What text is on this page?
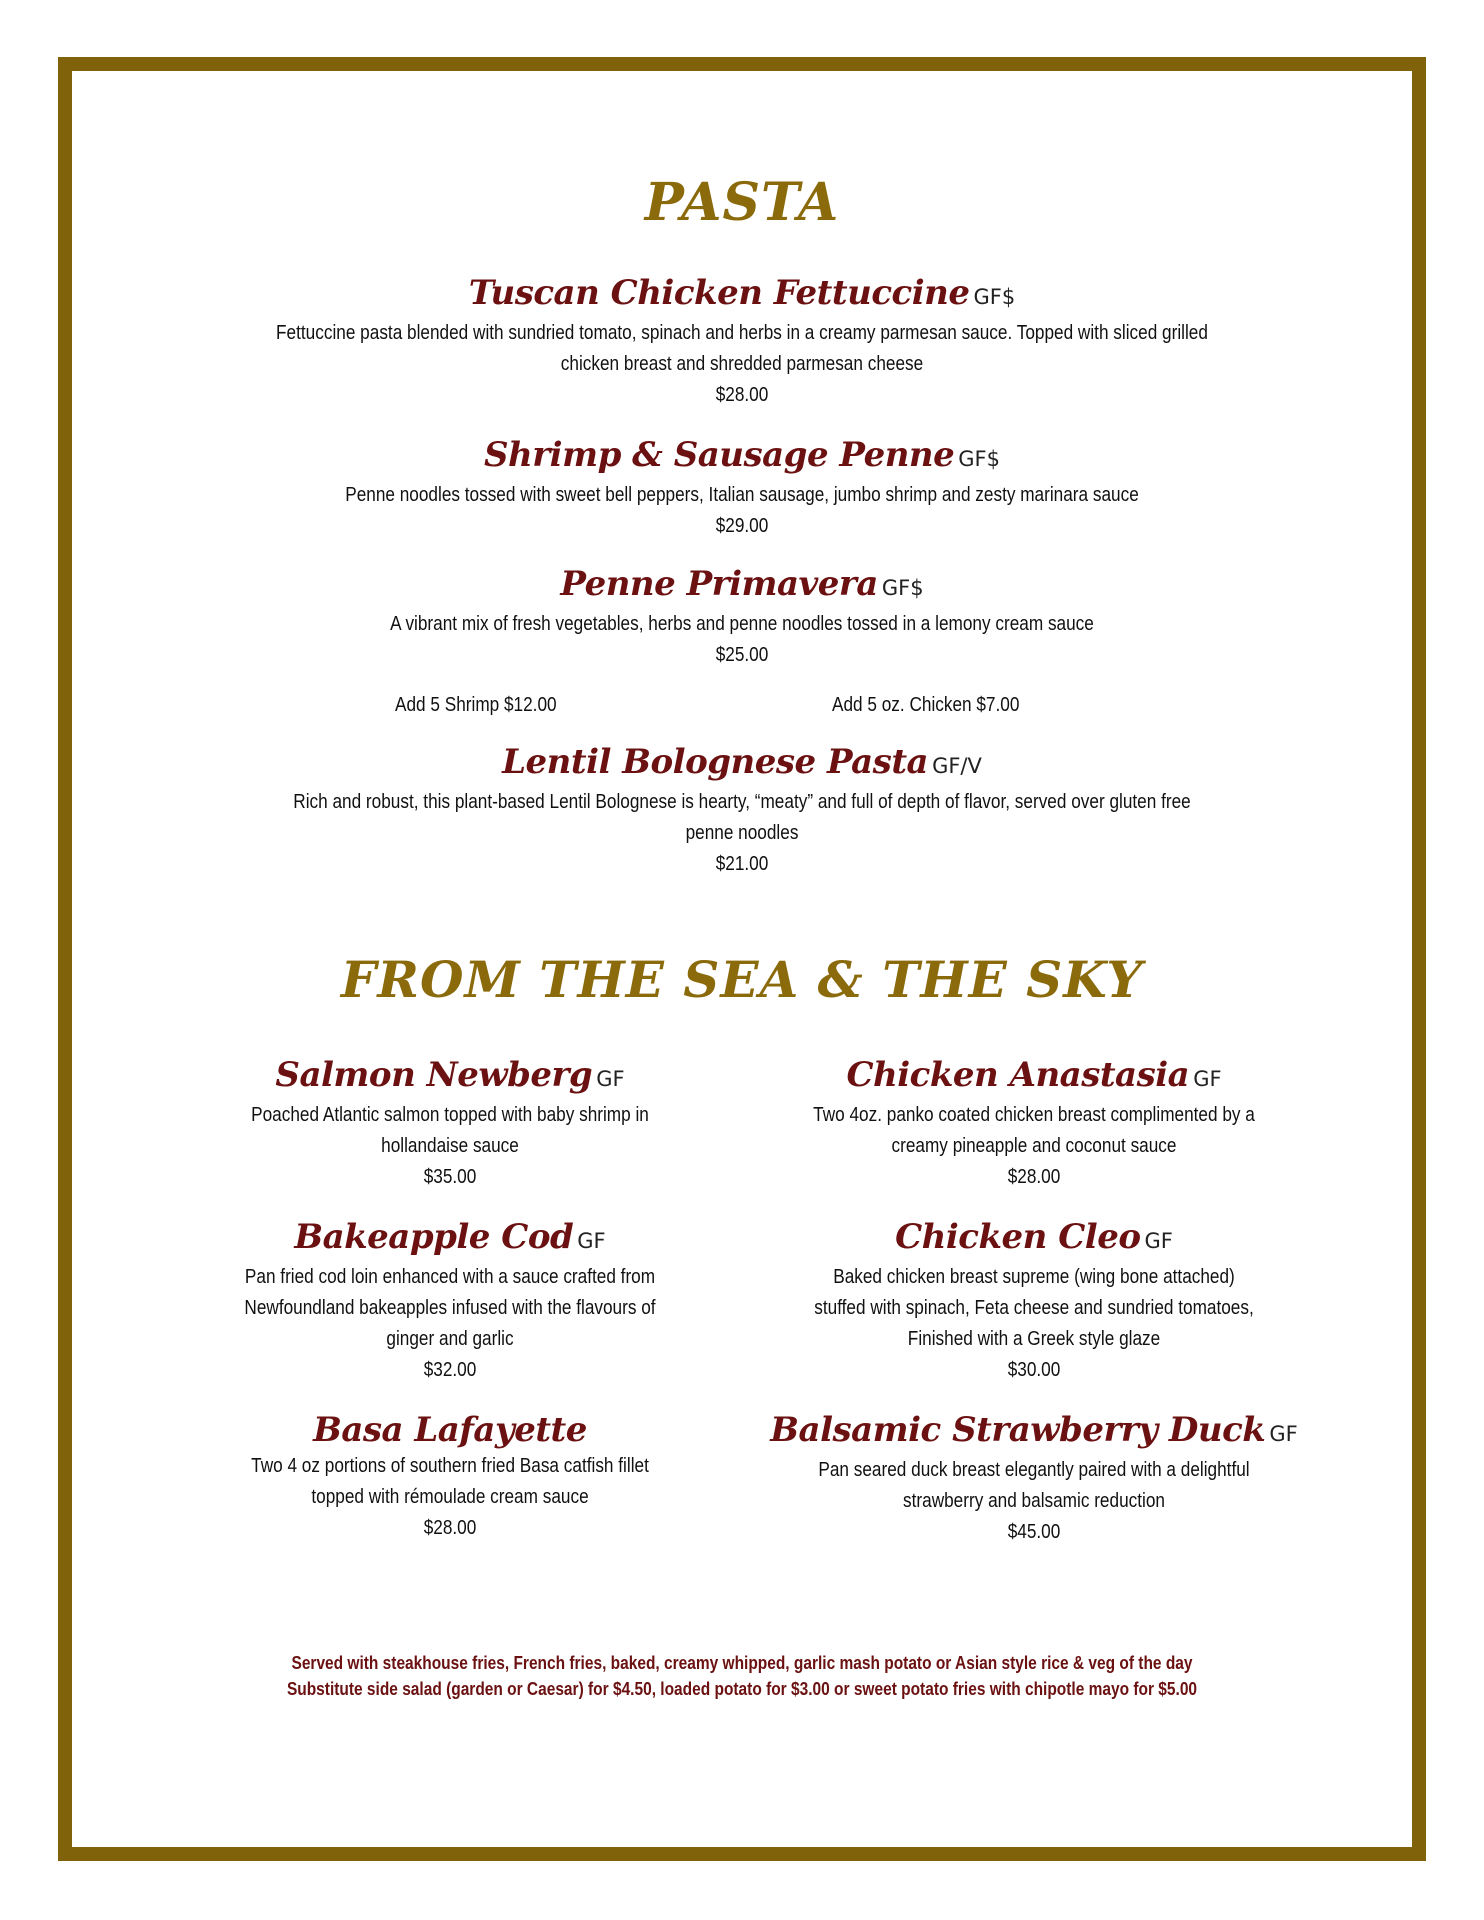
PASTA
Tuscan Chicken Fettuccine GF$
Fettuccine pasta blended with sundried tomato, spinach and herbs in a creamy parmesan sauce. Topped with sliced grilled
chicken breast and shredded parmesan cheese
$28.00
Shrimp & Sausage Penne GF$
Penne noodles tossed with sweet bell peppers, Italian sausage, jumbo shrimp and zesty marinara sauce
$29.00
Penne Primavera GF$
A vibrant mix of fresh vegetables, herbs and penne noodles tossed in a lemony cream sauce
$25.00
Add 5 Shrimp $12.00	Add 5 oz. Chicken $7.00
Lentil Bolognese Pasta GF/V
Rich and robust, this plant-based Lentil Bolognese is hearty, “meaty” and full of depth of flavor, served over gluten free
penne noodles
$21.00
FROM THE SEA & THE SKY
Salmon Newberg GF
Poached Atlantic salmon topped with baby shrimp in
hollandaise sauce
$35.00
Bakeapple Cod GF
Pan fried cod loin enhanced with a sauce crafted from
Newfoundland bakeapples infused with the flavours of
ginger and garlic
$32.00
Basa Lafayette
Two 4 oz portions of southern fried Basa catfish fillet
topped with rémoulade cream sauce
$28.00
Chicken Anastasia GF
Two 4oz. panko coated chicken breast complimented by a
creamy pineapple and coconut sauce
$28.00
Chicken Cleo GF
Baked chicken breast supreme (wing bone attached)
stuffed with spinach, Feta cheese and sundried tomatoes,
Finished with a Greek style glaze
$30.00
Balsamic Strawberry Duck GF
Pan seared duck breast elegantly paired with a delightful
strawberry and balsamic reduction
$45.00
Served with steakhouse fries, French fries, baked, creamy whipped, garlic mash potato or Asian style rice & veg of the day
Substitute side salad (garden or Caesar) for $4.50, loaded potato for $3.00 or sweet potato fries with chipotle mayo for $5.00
